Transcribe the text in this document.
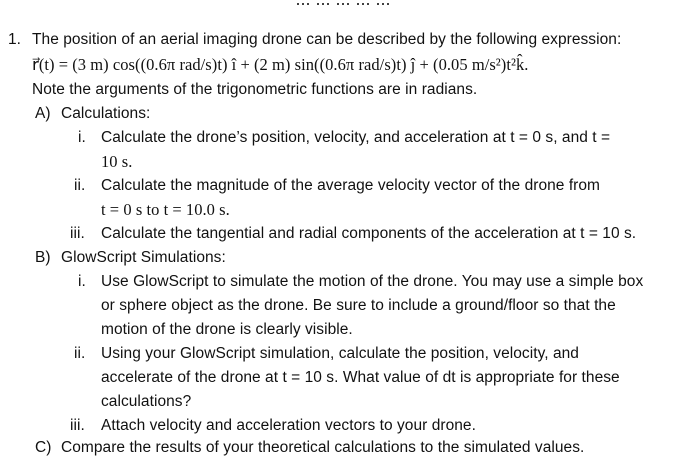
1. The position of an aerial imaging drone can be described by the following expression:
r⃗(t) = (3 m) cos((0.6π rad/s)t) î + (2 m) sin((0.6π rad/s)t) ĵ + (0.05 m/s²)t²k̂.
Note the arguments of the trigonometric functions are in radians.
A) Calculations:
i. Calculate the drone’s position, velocity, and acceleration at t = 0 s, and t =
10 s.
ii. Calculate the magnitude of the average velocity vector of the drone from
t = 0 s to t = 10.0 s.
iii. Calculate the tangential and radial components of the acceleration at t = 10 s.
B) GlowScript Simulations:
i. Use GlowScript to simulate the motion of the drone. You may use a simple box
or sphere object as the drone. Be sure to include a ground/floor so that the
motion of the drone is clearly visible.
ii. Using your GlowScript simulation, calculate the position, velocity, and
accelerate of the drone at t = 10 s. What value of dt is appropriate for these
calculations?
iii. Attach velocity and acceleration vectors to your drone.
C) Compare the results of your theoretical calculations to the simulated values.
